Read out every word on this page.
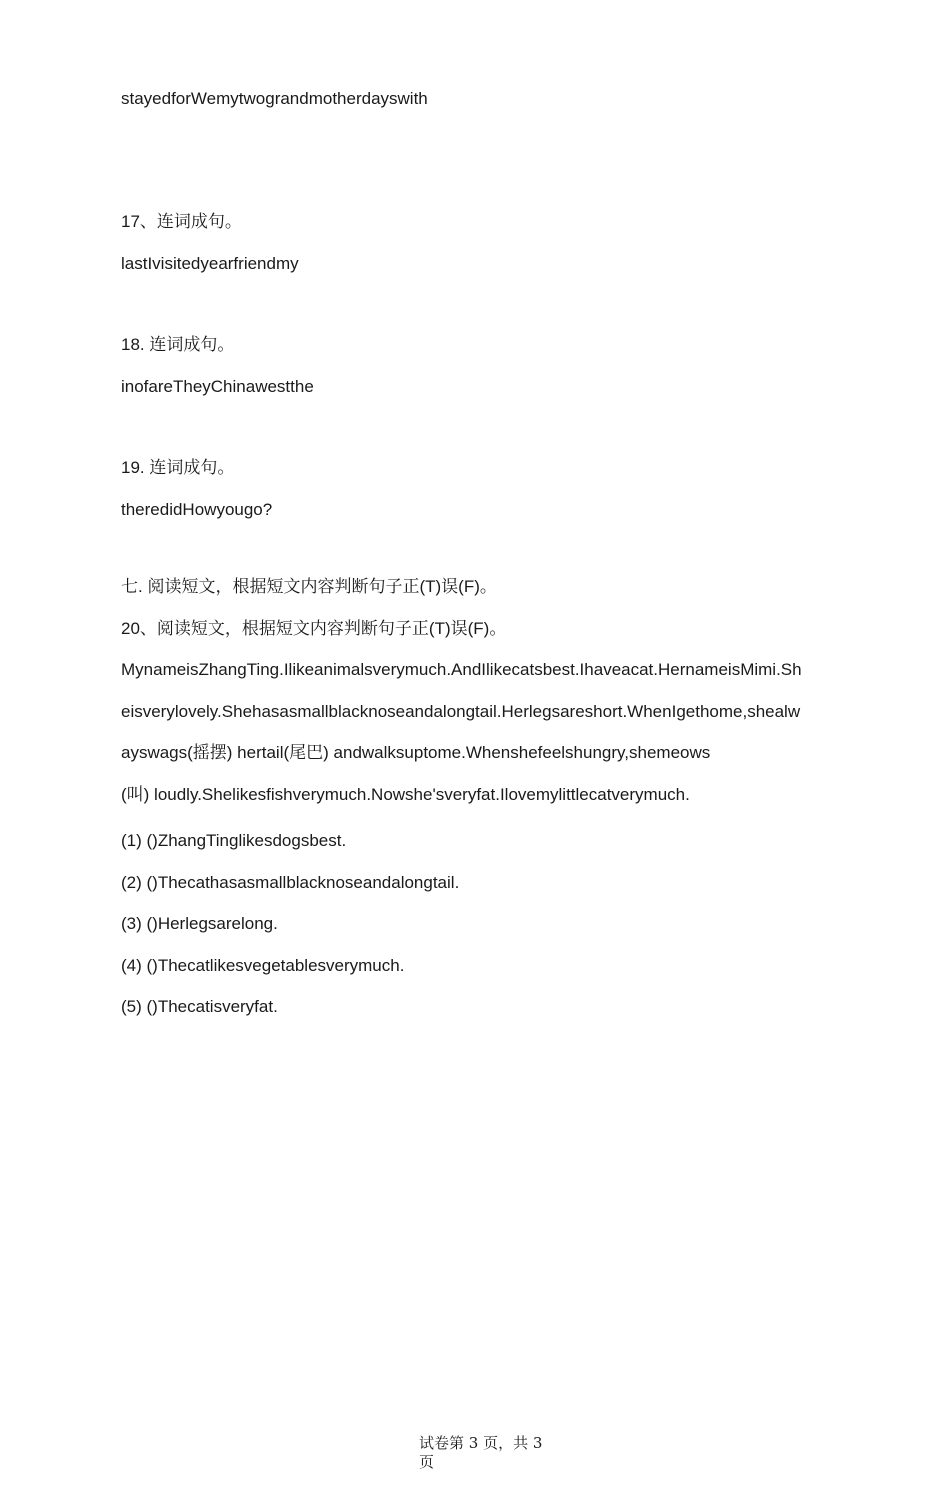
stayedforWemytwograndmotherdayswith
17、连词成句。
lastIvisitedyearfriendmy
18. 连词成句。
inofareTheyChinawestthe
19. 连词成句。
theredidHowyougo?
七. 阅读短文，根据短文内容判断句子正(T)误(F)。
20、阅读短文，根据短文内容判断句子正(T)误(F)。
MynameisZhangTing.Ilikeanimalsverymuch.AndIlikecatsbest.Ihaveacat.HernameisMimi.Sh
eisverylovely.Shehasasmallblacknoseandalongtail.Herlegsareshort.WhenIgethome,shealw
ayswags(摇摆) hertail(尾巴) andwalksuptome.Whenshefeelshungry,shemeows
(叫) loudly.Shelikesfishverymuch.Nowshe'sveryfat.Ilovemylittlecatverymuch.
(1) ()ZhangTinglikesdogsbest.
(2) ()Thecathasasmallblacknoseandalongtail.
(3) ()Herlegsarelong.
(4) ()Thecatlikesvegetablesverymuch.
(5) ()Thecatisveryfat.
试卷第 3 页，共 3
页
